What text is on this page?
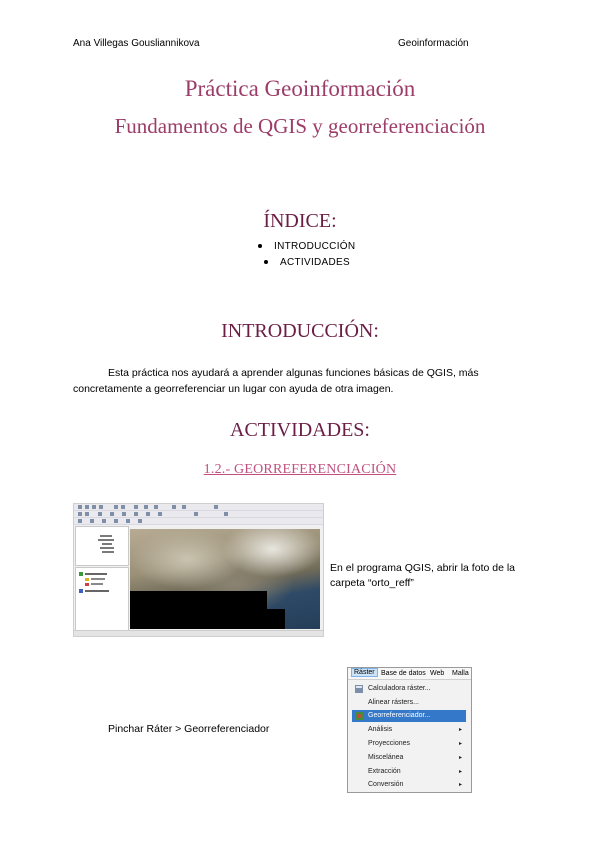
Ana Villegas Gousliannikova	Geoinformación
Práctica Geoinformación
Fundamentos de QGIS y georreferenciación
ÍNDICE:
INTRODUCCIÓN
ACTIVIDADES
INTRODUCCIÓN:
Esta práctica nos ayudará a aprender algunas funciones básicas de QGIS, más
concretamente a georreferenciar un lugar con ayuda de otra imagen.
ACTIVIDADES:
1.2.- GEORREFERENCIACIÓN
En el programa QGIS, abrir la foto de la
carpeta “orto_reff”
Pinchar Ráter > Georreferenciador
Ráster Base de datos Web Malla
Calculadora ráster...
Alinear rásters...
Georreferenciador...
Análisis	▸
Proyecciones	▸
Miscelánea	▸
Extracción	▸
Conversión	▸
